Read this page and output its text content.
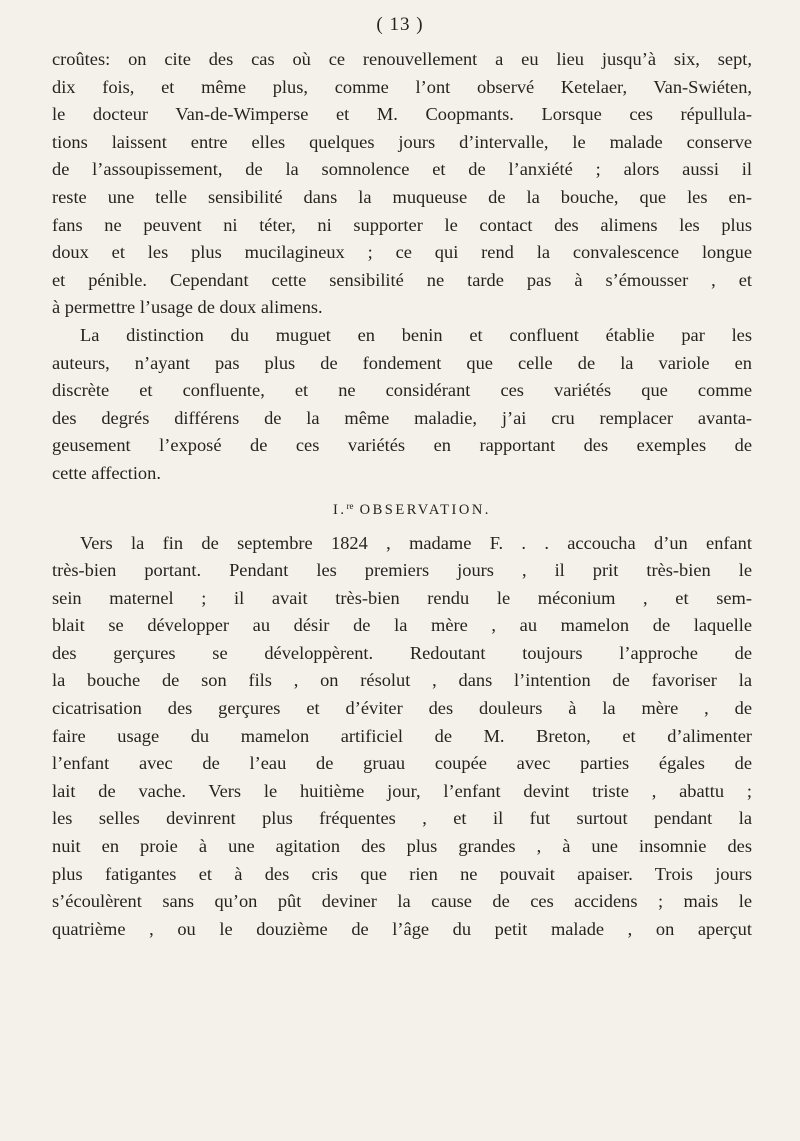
( 13 )
croûtes: on cite des cas où ce renouvellement a eu lieu jusqu’à six, sept,
dix fois, et même plus, comme l’ont observé Ketelaer, Van-Swiéten,
le docteur Van-de-Wimperse et M. Coopmants. Lorsque ces répullula-
tions laissent entre elles quelques jours d’intervalle, le malade conserve
de l’assoupissement, de la somnolence et de l’anxiété ; alors aussi il
reste une telle sensibilité dans la muqueuse de la bouche, que les en-
fans ne peuvent ni téter, ni supporter le contact des alimens les plus
doux et les plus mucilagineux ; ce qui rend la convalescence longue
et pénible. Cependant cette sensibilité ne tarde pas à s’émousser , et
à permettre l’usage de doux alimens.
La distinction du muguet en benin et confluent établie par les
auteurs, n’ayant pas plus de fondement que celle de la variole en
discrète et confluente, et ne considérant ces variétés que comme
des degrés différens de la même maladie, j’ai cru remplacer avanta-
geusement l’exposé de ces variétés en rapportant des exemples de
cette affection.
I.$^{re}$ OBSERVATION.
Vers la fin de septembre 1824 , madame F. . . accoucha d’un enfant
très-bien portant. Pendant les premiers jours , il prit très-bien le
sein maternel ; il avait très-bien rendu le méconium , et sem-
blait se développer au désir de la mère , au mamelon de laquelle
des gerçures se développèrent. Redoutant toujours l’approche de
la bouche de son fils , on résolut , dans l’intention de favoriser la
cicatrisation des gerçures et d’éviter des douleurs à la mère , de
faire usage du mamelon artificiel de M. Breton, et d’alimenter
l’enfant avec de l’eau de gruau coupée avec parties égales de
lait de vache. Vers le huitième jour, l’enfant devint triste , abattu ;
les selles devinrent plus fréquentes , et il fut surtout pendant la
nuit en proie à une agitation des plus grandes , à une insomnie des
plus fatigantes et à des cris que rien ne pouvait apaiser. Trois jours
s’écoulèrent sans qu’on pût deviner la cause de ces accidens ; mais le
quatrième , ou le douzième de l’âge du petit malade , on aperçut
